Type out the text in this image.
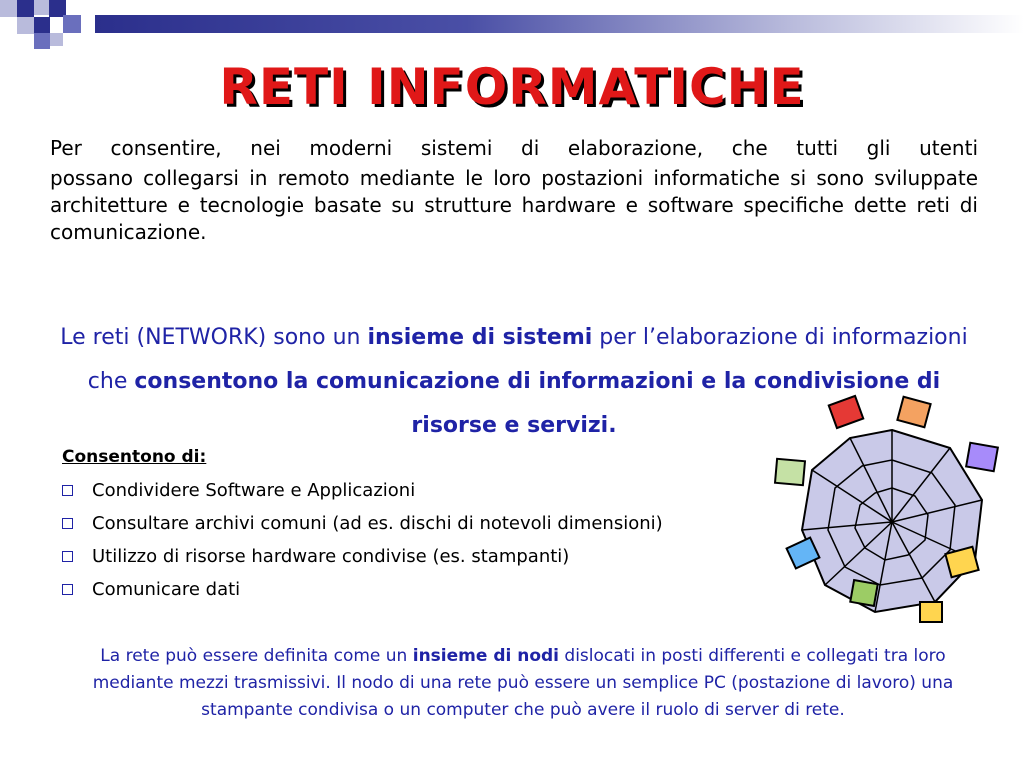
RETI INFORMATICHE
Per consentire, nei moderni sistemi di elaborazione, che tutti gli utenti
possano collegarsi in remoto mediante le loro postazioni informatiche si sono sviluppate architetture e tecnologie basate su strutture hardware e software specifiche dette reti di comunicazione.
Le reti (NETWORK) sono un insieme di sistemi per l’elaborazione di informazioni che consentono la comunicazione di informazioni e la condivisione di risorse e servizi.
Consentono di:
Condividere Software e Applicazioni
Consultare archivi comuni (ad es. dischi di notevoli dimensioni)
Utilizzo di risorse hardware condivise (es. stampanti)
Comunicare dati
La rete può essere definita come un insieme di nodi dislocati in posti differenti e collegati tra loro mediante mezzi trasmissivi. Il nodo di una rete può essere un semplice PC (postazione di lavoro) una stampante condivisa o un computer che può avere il ruolo di server di rete.
